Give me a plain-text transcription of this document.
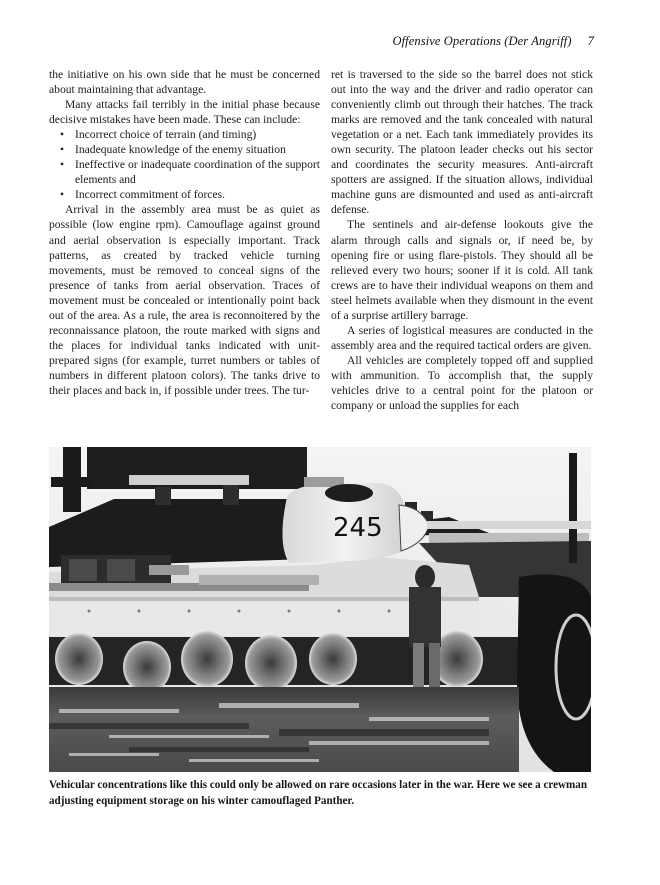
Offensive Operations (Der Angriff) 7

the initiative on his own side that he must be concerned about maintaining that advantage.

Many attacks fail terribly in the initial phase because decisive mistakes have been made. These can include:

• Incorrect choice of terrain (and timing)
• Inadequate knowledge of the enemy situation
• Ineffective or inadequate coordination of the support elements and
• Incorrect commitment of forces.

Arrival in the assembly area must be as quiet as possible (low engine rpm). Camouflage against ground and aerial observation is especially important. Track patterns, as created by tracked vehicle turning movements, must be removed to conceal signs of the presence of tanks from aerial observation. Traces of movement must be concealed or intentionally point back out of the area. As a rule, the area is reconnoitered by the reconnaissance platoon, the route marked with signs and the places for individual tanks indicated with unit-prepared signs (for example, turret numbers or tables of numbers in different platoon colors). The tanks drive to their places and back in, if possible under trees. The tur-

ret is traversed to the side so the barrel does not stick out into the way and the driver and radio operator can conveniently climb out through their hatches. The track marks are removed and the tank concealed with natural vegetation or a net. Each tank immediately provides its own security. The platoon leader checks out his sector and coordinates the security measures. Anti-aircraft spotters are assigned. If the situation allows, individual machine guns are dismounted and used as anti-aircraft defense.

The sentinels and air-defense lookouts give the alarm through calls and signals or, if need be, by opening fire or using flare-pistols. They should all be relieved every two hours; sooner if it is cold. All tank crews are to have their individual weapons on them and steel helmets available when they dismount in the event of a surprise artillery barrage.

A series of logistical measures are conducted in the assembly area and the required tactical orders are given.

All vehicles are completely topped off and supplied with ammunition. To accomplish that, the supply vehicles drive to a central point for the platoon or company or unload the supplies for each

245
Vehicular concentrations like this could only be allowed on rare occasions later in the war. Here we see a crewman adjusting equipment storage on his winter camouflaged Panther.
